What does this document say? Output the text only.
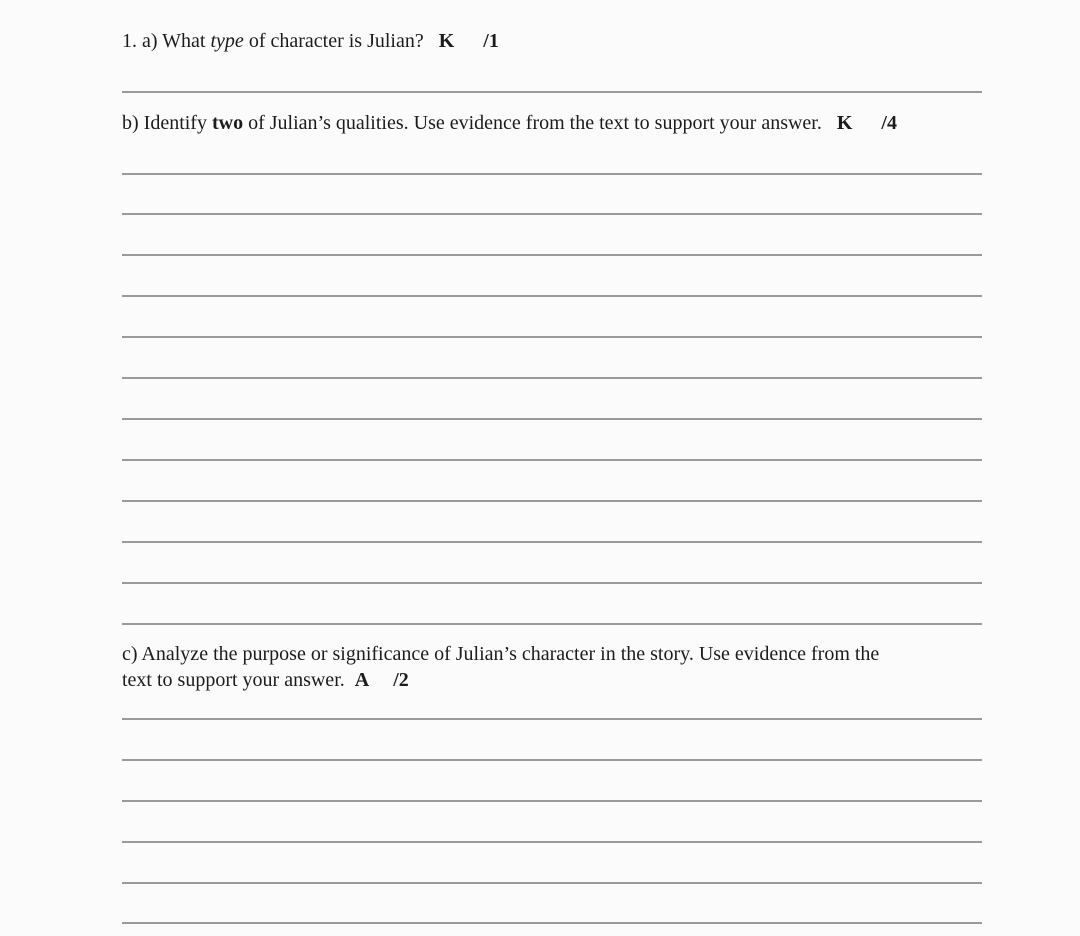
1. a) What type of character is Julian? K /1
b) Identify two of Julian’s qualities. Use evidence from the text to support your answer. K /4
c) Analyze the purpose or significance of Julian’s character in the story. Use evidence from the
text to support your answer. A /2
